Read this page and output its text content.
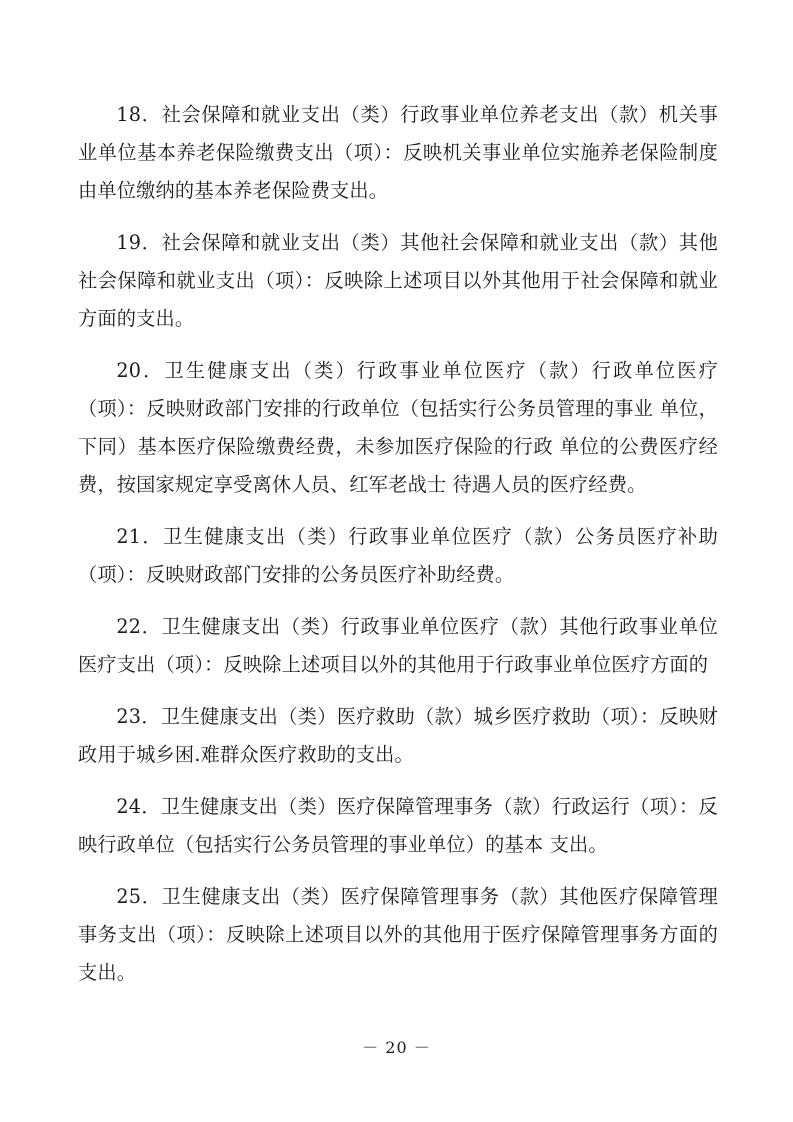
18．社会保障和就业支出（类）行政事业单位养老支出（款）机关事业单位基本养老保险缴费支出（项）：反映机关事业单位实施养老保险制度由单位缴纳的基本养老保险费支出。

19．社会保障和就业支出（类）其他社会保障和就业支出（款）其他社会保障和就业支出（项）：反映除上述项目以外其他用于社会保障和就业方面的支出。

20．卫生健康支出（类）行政事业单位医疗（款）行政单位医疗（项）：反映财政部门安排的行政单位（包括实行公务员管理的事业 单位，下同）基本医疗保险缴费经费，未参加医疗保险的行政 单位的公费医疗经费，按国家规定享受离休人员、红军老战士 待遇人员的医疗经费。

21．卫生健康支出（类）行政事业单位医疗（款）公务员医疗补助（项）：反映财政部门安排的公务员医疗补助经费。

22．卫生健康支出（类）行政事业单位医疗（款）其他行政事业单位医疗支出（项）：反映除上述项目以外的其他用于行政事业单位医疗方面的

23．卫生健康支出（类）医疗救助（款）城乡医疗救助（项）：反映财政用于城乡困.难群众医疗救助的支出。

24．卫生健康支出（类）医疗保障管理事务（款）行政运行（项）：反映行政单位（包括实行公务员管理的事业单位）的基本 支出。

25．卫生健康支出（类）医疗保障管理事务（款）其他医疗保障管理事务支出（项）：反映除上述项目以外的其他用于医疗保障管理事务方面的支出。

－ 20 －
